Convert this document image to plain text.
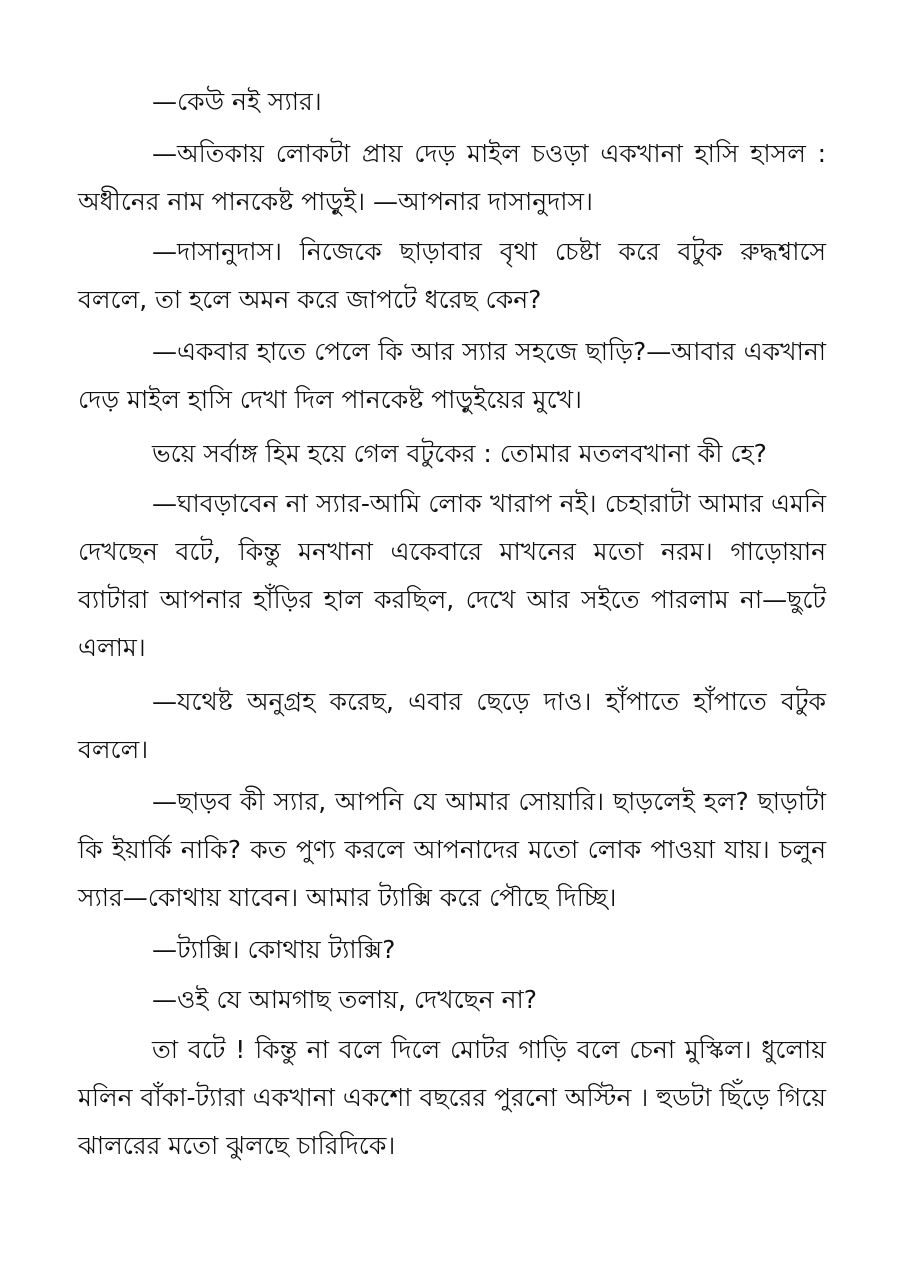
—কেউ নই স্যার।

—অতিকায় লোকটা প্রায় দেড় মাইল চওড়া একখানা হাসি হাসল : অধীনের নাম পানকেষ্ট পাড়ুই। —আপনার দাসানুদাস।

—দাসানুদাস। নিজেকে ছাড়াবার বৃথা চেষ্টা করে বটুক রুদ্ধশ্বাসে বললে, তা হলে অমন করে জাপটে ধরেছ কেন?

—একবার হাতে পেলে কি আর স্যার সহজে ছাড়ি?—আবার একখানা দেড় মাইল হাসি দেখা দিল পানকেষ্ট পাড়ুইয়ের মুখে।

ভয়ে সর্বাঙ্গ হিম হয়ে গেল বটুকের : তোমার মতলবখানা কী হে?

—ঘাবড়াবেন না স্যার-আমি লোক খারাপ নই। চেহারাটা আমার এমনি দেখছেন বটে, কিন্তু মনখানা একেবারে মাখনের মতো নরম। গাড়োয়ান ব্যাটারা আপনার হাঁড়ির হাল করছিল, দেখে আর সইতে পারলাম না—ছুটে এলাম।

—যথেষ্ট অনুগ্রহ করেছ, এবার ছেড়ে দাও। হাঁপাতে হাঁপাতে বটুক বললে।

—ছাড়ব কী স্যার, আপনি যে আমার সোয়ারি। ছাড়লেই হল? ছাড়াটা কি ইয়ার্কি নাকি? কত পুণ্য করলে আপনাদের মতো লোক পাওয়া যায়। চলুন স্যার—কোথায় যাবেন। আমার ট্যাক্সি করে পৌছে দিচ্ছি।

—ট্যাক্সি। কোথায় ট্যাক্সি?

—ওই যে আমগাছ তলায়, দেখছেন না?

তা বটে ! কিন্তু না বলে দিলে মোটর গাড়ি বলে চেনা মুস্কিল। ধুলোয় মলিন বাঁকা-ট্যারা একখানা একশো বছরের পুরনো অস্টিন । হুডটা ছিঁড়ে গিয়ে ঝালরের মতো ঝুলছে চারিদিকে।
